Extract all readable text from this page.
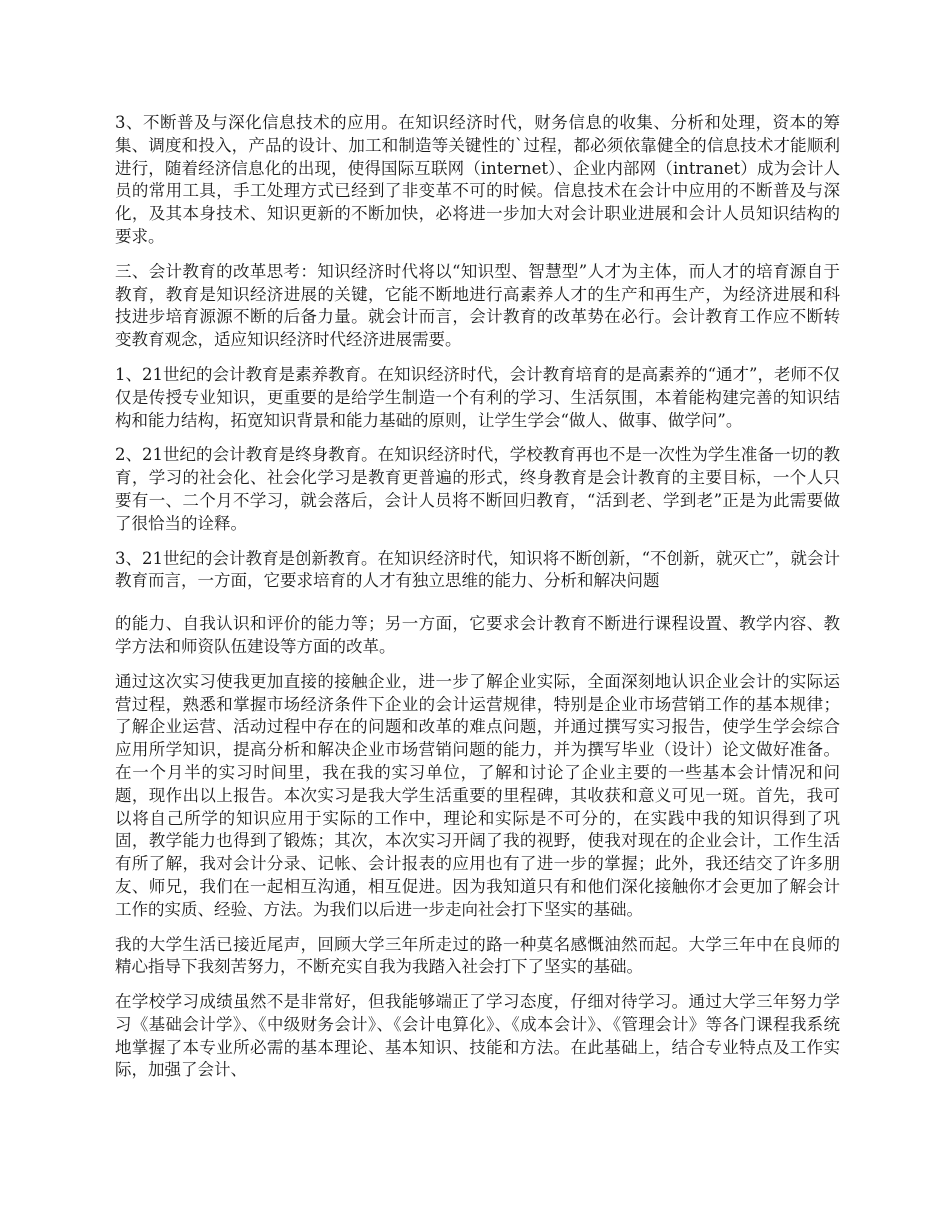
3、不断普及与深化信息技术的应用。在知识经济时代，财务信息的收集、分析和处理，资本的筹集、调度和投入，产品的设计、加工和制造等关键性的`过程，都必须依靠健全的信息技术才能顺利进行，随着经济信息化的出现，使得国际互联网（internet）、企业内部网（intranet）成为会计人员的常用工具，手工处理方式已经到了非变革不可的时候。信息技术在会计中应用的不断普及与深化，及其本身技术、知识更新的不断加快，必将进一步加大对会计职业进展和会计人员知识结构的要求。

三、会计教育的改革思考：知识经济时代将以“知识型、智慧型”人才为主体，而人才的培育源自于教育，教育是知识经济进展的关键，它能不断地进行高素养人才的生产和再生产，为经济进展和科技进步培育源源不断的后备力量。就会计而言，会计教育的改革势在必行。会计教育工作应不断转变教育观念，适应知识经济时代经济进展需要。

1、21世纪的会计教育是素养教育。在知识经济时代，会计教育培育的是高素养的“通才”，老师不仅仅是传授专业知识，更重要的是给学生制造一个有利的学习、生活氛围，本着能构建完善的知识结构和能力结构，拓宽知识背景和能力基础的原则，让学生学会“做人、做事、做学问”。

2、21世纪的会计教育是终身教育。在知识经济时代，学校教育再也不是一次性为学生准备一切的教育，学习的社会化、社会化学习是教育更普遍的形式，终身教育是会计教育的主要目标，一个人只要有一、二个月不学习，就会落后，会计人员将不断回归教育，“活到老、学到老”正是为此需要做了很恰当的诠释。

3、21世纪的会计教育是创新教育。在知识经济时代，知识将不断创新，“不创新，就灭亡”，就会计教育而言，一方面，它要求培育的人才有独立思维的能力、分析和解决问题

的能力、自我认识和评价的能力等；另一方面，它要求会计教育不断进行课程设置、教学内容、教学方法和师资队伍建设等方面的改革。

通过这次实习使我更加直接的接触企业，进一步了解企业实际，全面深刻地认识企业会计的实际运营过程，熟悉和掌握市场经济条件下企业的会计运营规律，特别是企业市场营销工作的基本规律；了解企业运营、活动过程中存在的问题和改革的难点问题，并通过撰写实习报告，使学生学会综合应用所学知识，提高分析和解决企业市场营销问题的能力，并为撰写毕业（设计）论文做好准备。在一个月半的实习时间里，我在我的实习单位，了解和讨论了企业主要的一些基本会计情况和问题，现作出以上报告。本次实习是我大学生活重要的里程碑，其收获和意义可见一斑。首先，我可以将自己所学的知识应用于实际的工作中，理论和实际是不可分的，在实践中我的知识得到了巩固，教学能力也得到了锻炼；其次，本次实习开阔了我的视野，使我对现在的企业会计，工作生活有所了解，我对会计分录、记帐、会计报表的应用也有了进一步的掌握；此外，我还结交了许多朋友、师兄，我们在一起相互沟通，相互促进。因为我知道只有和他们深化接触你才会更加了解会计工作的实质、经验、方法。为我们以后进一步走向社会打下坚实的基础。

我的大学生活已接近尾声，回顾大学三年所走过的路一种莫名感慨油然而起。大学三年中在良师的精心指导下我刻苦努力，不断充实自我为我踏入社会打下了坚实的基础。

在学校学习成绩虽然不是非常好，但我能够端正了学习态度，仔细对待学习。通过大学三年努力学习《基础会计学》、《中级财务会计》、《会计电算化》、《成本会计》、《管理会计》等各门课程我系统地掌握了本专业所必需的基本理论、基本知识、技能和方法。在此基础上，结合专业特点及工作实际，加强了会计、
